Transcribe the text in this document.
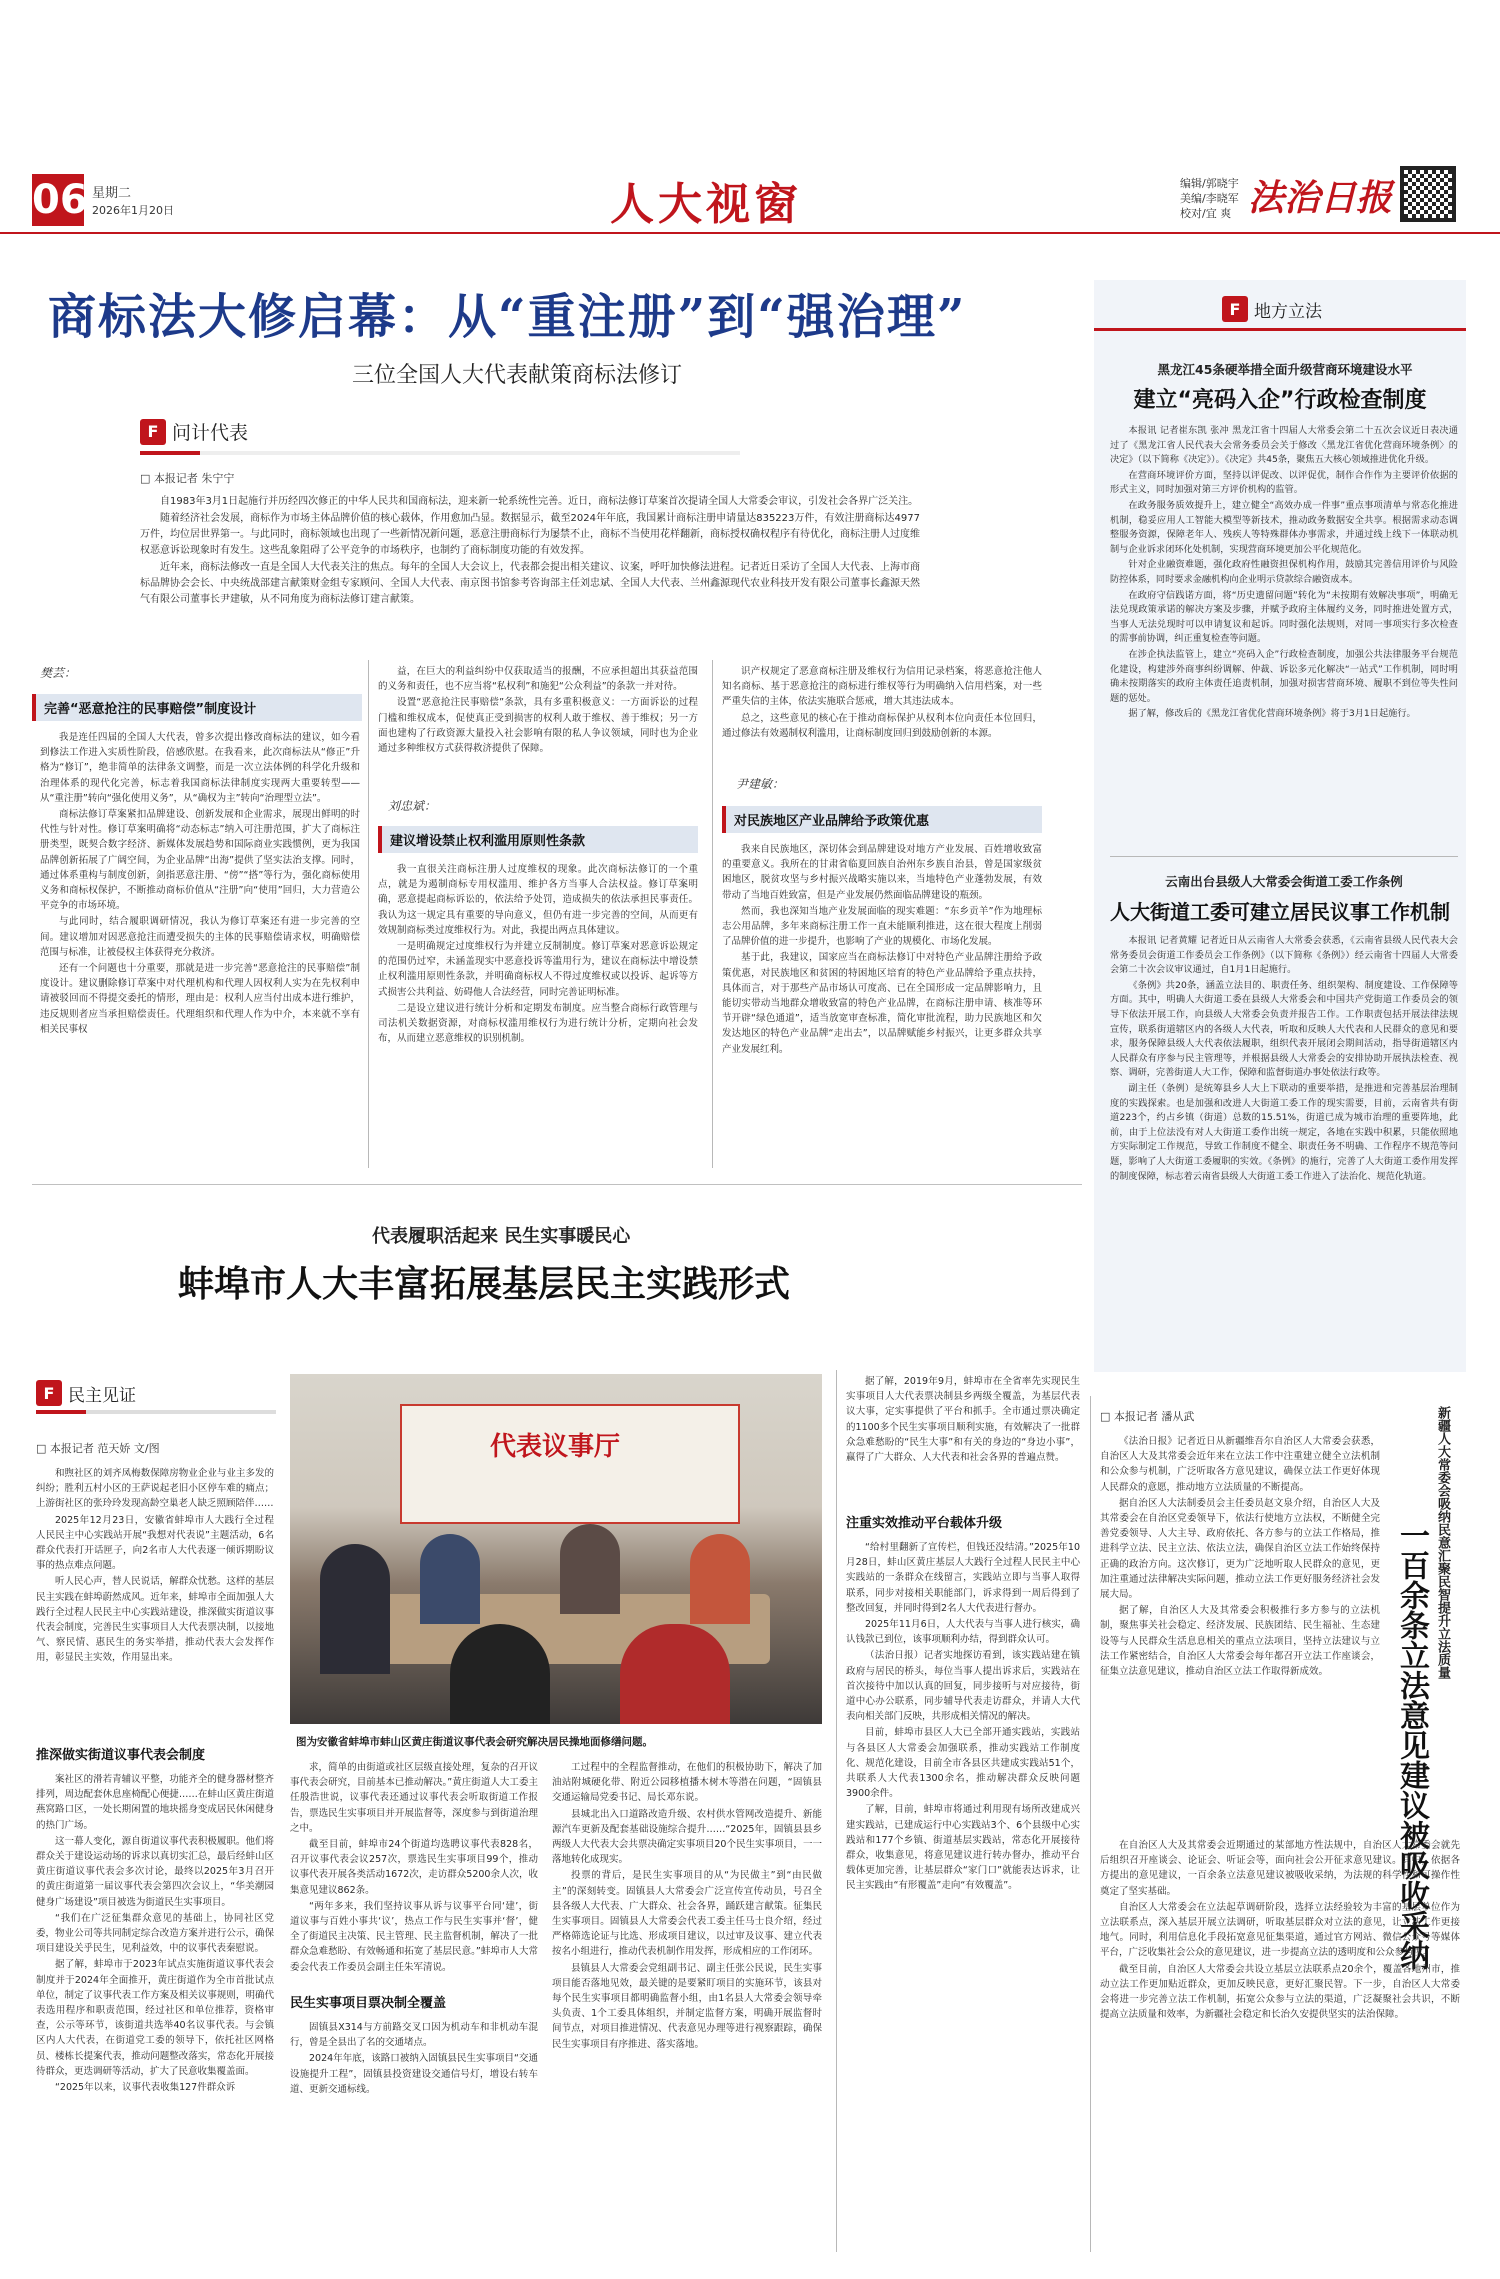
06 星期二
2026年1月20日	人大视窗	编辑/郭晓宇
美编/李晓军
校对/宜 爽 法治日报
商标法大修启幕：从“重注册”到“强治理”
三位全国人大代表献策商标法修订
F 问计代表
□ 本报记者 朱宁宁

自1983年3月1日起施行并历经四次修正的中华人民共和国商标法，迎来新一轮系统性完善。近日，商标法修订草案首次提请全国人大常委会审议，引发社会各界广泛关注。

随着经济社会发展，商标作为市场主体品牌价值的核心载体，作用愈加凸显。数据显示，截至2024年年底，我国累计商标注册申请量达835223万件，有效注册商标达4977万件，均位居世界第一。与此同时，商标领域也出现了一些新情况新问题，恶意注册商标行为屡禁不止，商标不当使用花样翻新，商标授权确权程序有待优化，商标注册人过度维权恶意诉讼现象时有发生。这些乱象阻碍了公平竞争的市场秩序，也制约了商标制度功能的有效发挥。

近年来，商标法修改一直是全国人大代表关注的焦点。每年的全国人大会议上，代表都会提出相关建议、议案，呼吁加快修法进程。记者近日采访了全国人大代表、上海市商标品牌协会会长、中央统战部建言献策财金组专家顾问、全国人大代表、南京图书馆参考咨询部主任刘忠斌、全国人大代表、兰州鑫源现代农业科技开发有限公司董事长鑫源天然气有限公司董事长尹建敏，从不同角度为商标法修订建言献策。

樊芸：
完善“恶意抢注的民事赔偿”制度设计

我是连任四届的全国人大代表，曾多次提出修改商标法的建议，如今看到修法工作进入实质性阶段，倍感欣慰。在我看来，此次商标法从“修正”升格为“修订”，绝非简单的法律条文调整，而是一次立法体例的科学化升级和治理体系的现代化完善，标志着我国商标法律制度实现两大重要转型——从“重注册”转向“强化使用义务”，从“确权为主”转向“治理型立法”。

商标法修订草案紧扣品牌建设、创新发展和企业需求，展现出鲜明的时代性与针对性。修订草案明确将“动态标志”纳入可注册范围，扩大了商标注册类型，既契合数字经济、新媒体发展趋势和国际商业实践惯例，更为我国品牌创新拓展了广阔空间，为企业品牌“出海”提供了坚实法治支撑。同时，通过体系重构与制度创新，剑指恶意注册、“傍”“搭”等行为，强化商标使用义务和商标权保护，不断推动商标价值从“注册”向“使用”回归，大力营造公平竞争的市场环境。

与此同时，结合履职调研情况，我认为修订草案还有进一步完善的空间。建议增加对因恶意抢注而遭受损失的主体的民事赔偿请求权，明确赔偿范围与标准，让被侵权主体获得充分救济。

还有一个问题也十分重要，那就是进一步完善“恶意抢注的民事赔偿”制度设计。建议删除修订草案中对代理机构和代理人因权利人实为在先权利申请被驳回而不得提交委托的情形，理由是：权利人应当付出成本进行维护，违反规则者应当承担赔偿责任。代理组织和代理人作为中介，本来就不享有相关民事权

益，在巨大的利益纠纷中仅获取适当的报酬，不应承担超出其获益范围的义务和责任，也不应当将“私权利”和施犯“公众利益”的条款一并对待。

设置“恶意抢注民事赔偿”条款，具有多重积极意义：一方面诉讼的过程门槛和维权成本，促使真正受到损害的权利人敢于维权、善于维权；另一方面也建构了行政资源大量投入社会影响有限的私人争议领域，同时也为企业通过多种维权方式获得救济提供了保障。

刘忠斌：
建议增设禁止权利滥用原则性条款

我一直很关注商标注册人过度维权的现象。此次商标法修订的一个重点，就是为遏制商标专用权滥用、维护各方当事人合法权益。修订草案明确，恶意提起商标诉讼的，依法给予处罚，造成损失的依法承担民事责任。我认为这一规定具有重要的导向意义，但仍有进一步完善的空间，从而更有效规制商标类过度维权行为。对此，我提出两点具体建议。

一是明确规定过度维权行为并建立反制制度。修订草案对恶意诉讼规定的范围仍过窄，未涵盖现实中恶意投诉等滥用行为，建议在商标法中增设禁止权利滥用原则性条款，并明确商标权人不得过度维权或以投诉、起诉等方式损害公共利益、妨碍他人合法经营，同时完善证明标准。

二是设立建议进行统计分析和定期发布制度。应当整合商标行政管理与司法机关数据资源，对商标权滥用维权行为进行统计分析，定期向社会发布，从而建立恶意维权的识别机制。

识产权规定了恶意商标注册及维权行为信用记录档案，将恶意抢注他人知名商标、基于恶意抢注的商标进行维权等行为明确纳入信用档案，对一些严重失信的主体，依法实施联合惩戒，增大其违法成本。

总之，这些意见的核心在于推动商标保护从权利本位向责任本位回归，通过修法有效遏制权利滥用，让商标制度回归到鼓励创新的本源。

尹建敏：
对民族地区产业品牌给予政策优惠

我来自民族地区，深切体会到品牌建设对地方产业发展、百姓增收致富的重要意义。我所在的甘肃省临夏回族自治州东乡族自治县，曾是国家级贫困地区，脱贫攻坚与乡村振兴战略实施以来，当地特色产业蓬勃发展，有效带动了当地百姓致富，但是产业发展仍然面临品牌建设的瓶颈。

然而，我也深知当地产业发展面临的现实难题：“东乡贡羊”作为地理标志公用品牌，多年来商标注册工作一直未能顺利推进，这在很大程度上削弱了品牌价值的进一步提升，也影响了产业的规模化、市场化发展。

基于此，我建议，国家应当在商标法修订中对特色产业品牌注册给予政策优惠，对民族地区和贫困的特困地区培育的特色产业品牌给予重点扶持，具体而言，对于那些产品市场认可度高、已在全国形成一定品牌影响力，且能切实带动当地群众增收致富的特色产业品牌，在商标注册申请、核准等环节开辟“绿色通道”，适当放宽审查标准，简化审批流程，助力民族地区和欠发达地区的特色产业品牌“走出去”，以品牌赋能乡村振兴，让更多群众共享产业发展红利。

F 地方立法
黑龙江45条硬举措全面升级营商环境建设水平
建立“亮码入企”行政检查制度

本报讯 记者崔东凯 张冲 黑龙江省十四届人大常委会第二十五次会议近日表决通过了《黑龙江省人民代表大会常务委员会关于修改〈黑龙江省优化营商环境条例〉的决定》（以下简称《决定》）。《决定》共45条，聚焦五大核心领域推进优化升级。

在营商环境评价方面，坚持以评促改、以评促优，制作合作作为主要评价依据的形式主义，同时加强对第三方评价机构的监管。

在政务服务质效提升上，建立健全“高效办成一件事”重点事项清单与常态化推进机制，稳妥应用人工智能大模型等新技术，推动政务数据安全共享。根据需求动态调整服务资源，保障老年人、残疾人等特殊群体办事需求，并通过线上线下一体联动机制与企业诉求闭环化处机制，实现营商环境更加公平化规范化。

针对企业融资难题，强化政府性融资担保机构作用，鼓励其完善信用评价与风险防控体系，同时要求金融机构向企业明示贷款综合融资成本。

在政府守信践诺方面，将“历史遗留问题”转化为“未按期有效解决事项”，明确无法兑现政策承诺的解决方案及步骤，并赋予政府主体履约义务，同时推进处置方式，当事人无法兑现时可以申请复议和起诉。同时强化法规则，对同一事项实行多次检查的需事前协调，纠正重复检查等问题。

在涉企执法监管上，建立“亮码入企”行政检查制度，加强公共法律服务平台规范化建设，构建涉外商事纠纷调解、仲裁、诉讼多元化解决“一站式”工作机制，同时明确未按期落实的政府主体责任追责机制，加强对损害营商环境、履职不到位等失性问题的惩处。

据了解，修改后的《黑龙江省优化营商环境条例》将于3月1日起施行。

云南出台县级人大常委会街道工委工作条例
人大街道工委可建立居民议事工作机制

本报讯 记者黄耀 记者近日从云南省人大常委会获悉，《云南省县级人民代表大会常务委员会街道工作委员会工作条例》（以下简称《条例》）经云南省十四届人大常委会第二十次会议审议通过，自1月1日起施行。

《条例》共20条，涵盖立法目的、职责任务、组织架构、制度建设、工作保障等方面。其中，明确人大街道工委在县级人大常委会和中国共产党街道工作委员会的领导下依法开展工作，向县级人大常委会负责并报告工作。工作职责包括开展法律法规宣传，联系街道辖区内的各级人大代表，听取和反映人大代表和人民群众的意见和要求，服务保障县级人大代表依法履职，组织代表开展闭会期间活动，指导街道辖区内人民群众有序参与民主管理等，并根据县级人大常委会的安排协助开展执法检查、视察、调研，完善街道人大工作，保障和监督街道办事处依法行政等。

副主任（条例）是统筹县乡人大上下联动的重要举措，是推进和完善基层治理制度的实践探索。也是加强和改进人大街道工委工作的现实需要，目前，云南省共有街道223个，约占乡镇（街道）总数的15.51%，街道已成为城市治理的重要阵地，此前，由于上位法没有对人大街道工委作出统一规定，各地在实践中积累，只能依照地方实际制定工作规范，导致工作制度不健全、职责任务不明确、工作程序不规范等问题，影响了人大街道工委履职的实效。《条例》的施行，完善了人大街道工委作用发挥的制度保障，标志着云南省县级人大街道工委工作进入了法治化、规范化轨道。

代表履职活起来 民生实事暖民心
蚌埠市人大丰富拓展基层民主实践形式
F 民主见证
□ 本报记者 范天娇 文/图

和煦社区的刘齐凤梅数保障房物业企业与业主多发的纠纷；胜利五村小区的王萨说起老旧小区停车难的痛点；上游街社区的张玲玲发现高龄空巢老人缺乏照顾陪伴……

2025年12月23日，安徽省蚌埠市人大践行全过程人民民主中心实践站开展“我想对代表说”主题活动，6名群众代表打开话匣子，向2名市人大代表逐一倾诉期盼议事的热点难点问题。

听人民心声，替人民说话，解群众忧愁。这样的基层民主实践在蚌埠蔚然成风。近年来，蚌埠市全面加强人大践行全过程人民民主中心实践站建设，推深做实街道议事代表会制度，完善民生实事项目人大代表票决制，以接地气、察民情、惠民生的务实举措，推动代表大会发挥作用，彰显民主实效，作用显出来。

推深做实街道议事代表会制度

案社区的滑若青辅议平整，功能齐全的健身器材整齐排列，周边配套休息座椅配心便捷……在蚌山区黄庄街道燕窝路口区，一处长期闲置的地块摇身变成居民休闲健身的热门广场。

这一幕人变化，源自街道议事代表积极履职。他们将群众关于建设运动场的诉求以真切实汇总，最后经蚌山区黄庄街道议事代表会多次讨论，最终以2025年3月召开的黄庄街道第一届议事代表会第四次会议上，“华美潮园健身广场建设”项目被选为街道民生实事项目。

“我们在广泛征集群众意见的基础上，协同社区党委，物业公司等共同制定综合改造方案并进行公示，确保项目建设关乎民生，见利益效，中的议事代表秦慰说。

据了解，蚌埠市于2023年试点实施街道议事代表会制度并于2024年全面推开，黄庄街道作为全市首批试点单位，制定了议事代表工作方案及相关议事规则，明确代表选用程序和职责范围，经过社区和单位推荐，资格审查，公示等环节，该街道共选举40名议事代表。与会镇区内人大代表，在街道党工委的领导下，依托社区网格员、楼栋长提案代表，推动问题整改落实，常态化开展接待群众，更迭调研等活动，扩大了民意收集覆盖面。

“2025年以来，议事代表收集127件群众诉

代表议事厅
图为安徽省蚌埠市蚌山区黄庄街道议事代表会研究解决居民操地面修缮问题。

求，简单的由街道或社区层级直接处理，复杂的召开议事代表会研究，目前基本已推动解决。”黄庄街道人大工委主任殷浩世说，议事代表还通过议事代表会听取街道工作报告，票选民生实事项目并开展监督等，深度参与到街道治理之中。

截至目前，蚌埠市24个街道均选聘议事代表828名，召开议事代表会议257次，票选民生实事项目99个，推动议事代表开展各类活动1672次，走访群众5200余人次，收集意见建议862条。

“两年多来，我们坚持议事从诉与议事平台同‘建’，街道议事与百姓小事共‘议’，热点工作与民生实事并‘督’，健全了街道民主决策、民主管理、民主监督机制，解决了一批群众急难愁盼、有效畅通和拓宽了基层民意。”蚌埠市人大常委会代表工作委员会副主任朱军清说。

民生实事项目票决制全覆盖

固镇县X314与方前路交叉口因为机动车和非机动车混行，曾是全县出了名的交通堵点。

2024年年底，该路口被纳入固镇县民生实事项目“交通设施提升工程”，固镇县投资建设交通信号灯，增设右转车道、更新交通标线。

工过程中的全程监督推动，在他们的积极协助下，解决了加油站附城硬化带、附近公园移植播木树木等潜在问题，“固镇县交通运输局党委书记、局长邓东说。

县城北出入口道路改造升级、农村供水管网改造提升、新能源汽车更新及配套基础设施综合提升……“2025年，固镇县县乡两级人大代表大会共票决确定实事项目20个民生实事项目，一一落地转化成现实。

投票的背后，是民生实事项目的从“为民做主”到“由民做主”的深刻转变。固镇县人大常委会广泛宣传宣传动员，号召全县各级人大代表、广大群众、社会各界，踊跃建言献策。征集民生实事项目。固镇县人大常委会代表工委主任马士良介绍，经过严格筛选论证与比选、形成项目建议，以过审及议事、建立代表按名小组进行，推动代表机制作用发挥，形成相应的工作闭环。

县镇县人大常委会党组副书记、副主任张公民说，民生实事项目能否落地见效，最关键的是要紧盯项目的实施环节，该县对每个民生实事项目都明确监督小组，由1名县人大常委会领导牵头负责、1个工委具体组织，并制定监督方案，明确开展监督时间节点，对项目推进情况、代表意见办理等进行视察跟踪，确保民生实事项目有序推进、落实落地。

据了解，2019年9月，蚌埠市在全省率先实现民生实事项目人大代表票决制县乡两级全覆盖，为基层代表议大事，定实事提供了平台和抓手。全市通过票决确定的1100多个民生实事项目顺利实施，有效解决了一批群众急难愁盼的“民生大事”和有关的身边的“身边小事”，赢得了广大群众、人大代表和社会各界的普遍点赞。

注重实效推动平台载体升级

“给村里翻新了宣传栏，但钱还没结清。”2025年10月28日，蚌山区黄庄基层人大践行全过程人民民主中心实践站的一条群众在线留言，实践站立即与当事人取得联系，同步对接相关职能部门，诉求得到一周后得到了整改回复，并同时得到2名人大代表进行督办。

2025年11月6日，人大代表与当事人进行核实，确认钱款已到位，该事项顺利办结，得到群众认可。

（法治日报）记者实地探访看到，该实践站建在镇政府与居民的桥头，每位当事人提出诉求后，实践站在首次接待中加以认真的回复，同步接听与对应接待，街道中心办公联系，同步辅导代表走访群众，并请人大代表向相关部门反映，共形成相关情况的解决。

目前，蚌埠市县区人大已全部开通实践站，实践站与各县区人大常委会加强联系，推动实践站工作制度化、规范化建设，目前全市各县区共建成实践站51个，共联系人大代表1300余名，推动解决群众反映问题3900余件。

了解，目前，蚌埠市将通过利用现有场所改建成兴建实践站，已建成运行中心实践站3个、6个县级中心实践站和177个乡镇、街道基层实践站，常态化开展接待群众，收集意见，将意见建议进行转办督办，推动平台载体更加完善，让基层群众“家门口”就能表达诉求，让民主实践由“有形覆盖”走向“有效覆盖”。

□ 本报记者 潘从武	新疆人大常委会吸纳民意汇聚民智提升立法质量
一百余条立法意见建议被吸收采纳

《法治日报》记者近日从新疆维吾尔自治区人大常委会获悉，自治区人大及其常委会近年来在立法工作中注重建立健全立法机制和公众参与机制，广泛听取各方意见建议，确保立法工作更好体现人民群众的意愿，推动地方立法质量的不断提高。

据自治区人大法制委员会主任委员赵文泉介绍，自治区人大及其常委会在自治区党委领导下，依法行使地方立法权，不断健全完善党委领导、人大主导、政府依托、各方参与的立法工作格局，推进科学立法、民主立法、依法立法，确保自治区立法工作始终保持正确的政治方向。这次修订，更为广泛地听取人民群众的意见，更加注重通过法律解决实际问题，推动立法工作更好服务经济社会发展大局。

据了解，自治区人大及其常委会积极推行多方参与的立法机制，聚焦事关社会稳定、经济发展、民族团结、民生福祉、生态建设等与人民群众生活息息相关的重点立法项目，坚持立法建议与立法工作紧密结合，自治区人大常委会每年都召开立法工作座谈会，征集立法意见建议，推动自治区立法工作取得新成效。

在自治区人大及其常委会近期通过的某部地方性法规中，自治区人大常委会就先后组织召开座谈会、论证会、听证会等，面向社会公开征求意见建议。其中，依据各方提出的意见建议，一百余条立法意见建议被吸收采纳，为法规的科学性和可操作性奠定了坚实基础。

自治区人大常委会在立法起草调研阶段，选择立法经验较为丰富的基层单位作为立法联系点，深入基层开展立法调研，听取基层群众对立法的意见，让立法工作更接地气。同时，利用信息化手段拓宽意见征集渠道，通过官方网站、微信公众号等媒体平台，广泛收集社会公众的意见建议，进一步提高立法的透明度和公众参与度。

截至目前，自治区人大常委会共设立基层立法联系点20余个，覆盖各地州市，推动立法工作更加贴近群众，更加反映民意，更好汇聚民智。下一步，自治区人大常委会将进一步完善立法工作机制，拓宽公众参与立法的渠道，广泛凝聚社会共识，不断提高立法质量和效率，为新疆社会稳定和长治久安提供坚实的法治保障。
